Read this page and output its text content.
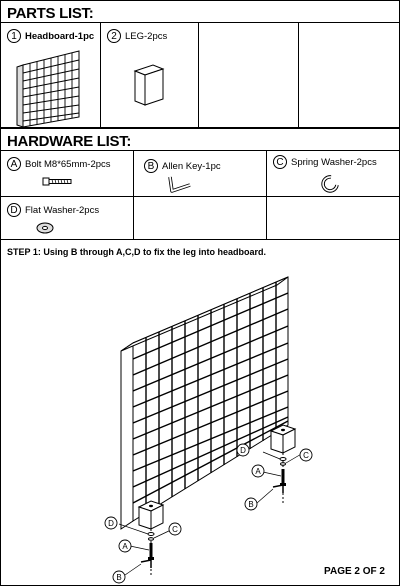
PARTS LIST:
1 Headboard-1pc	2 LEG-2pcs
HARDWARE LIST:
A Bolt M8*65mm-2pcs	B Allen Key-1pc	C Spring Washer-2pcs
D Flat Washer-2pcs
STEP 1: Using B through A,C,D to fix the leg into headboard.
D
C
A
B
D
C
A
B
PAGE 2 OF 2
